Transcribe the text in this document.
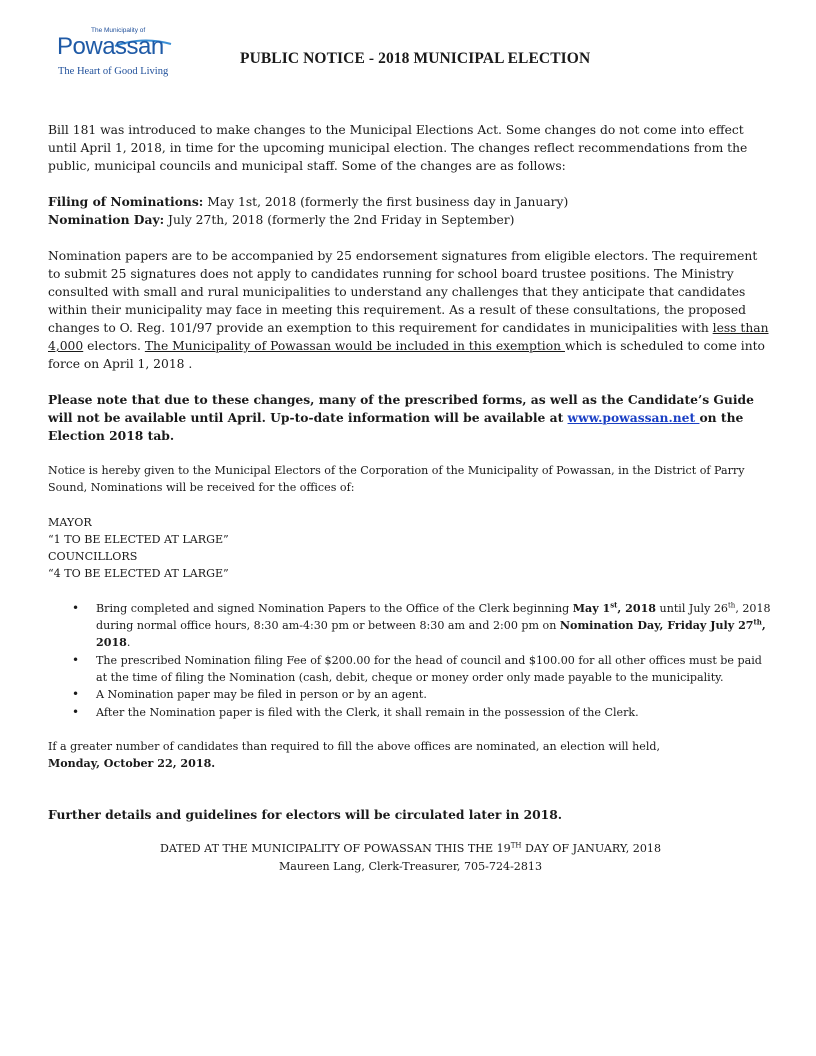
The Municipality of
Powassan
The Heart of Good Living
PUBLIC NOTICE - 2018 MUNICIPAL ELECTION

Bill 181 was introduced to make changes to the Municipal Elections Act. Some changes do not come into effect until April 1, 2018, in time for the upcoming municipal election. The changes reflect recommendations from the public, municipal councils and municipal staff. Some of the changes are as follows:

Filing of Nominations: May 1st, 2018 (formerly the first business day in January)

Nomination Day: July 27th, 2018 (formerly the 2nd Friday in September)

Nomination papers are to be accompanied by 25 endorsement signatures from eligible electors. The requirement to submit 25 signatures does not apply to candidates running for school board trustee positions. The Ministry consulted with small and rural municipalities to understand any challenges that they anticipate that candidates within their municipality may face in meeting this requirement. As a result of these consultations, the proposed changes to O. Reg. 101/97 provide an exemption to this requirement for candidates in municipalities with less than 4,000 electors. The Municipality of Powassan would be included in this exemption which is scheduled to come into force on April 1, 2018 .

Please note that due to these changes, many of the prescribed forms, as well as the Candidate’s Guide will not be available until April. Up-to-date information will be available at www.powassan.net on the Election 2018 tab.

Notice is hereby given to the Municipal Electors of the Corporation of the Municipality of Powassan, in the District of Parry Sound, Nominations will be received for the offices of:

MAYOR

“1 TO BE ELECTED AT LARGE”

COUNCILLORS

“4 TO BE ELECTED AT LARGE”

• Bring completed and signed Nomination Papers to the Office of the Clerk beginning May 1st, 2018 until July 26th, 2018 during normal office hours, 8:30 am-4:30 pm or between 8:30 am and 2:00 pm on Nomination Day, Friday July 27th, 2018.
• The prescribed Nomination filing Fee of $200.00 for the head of council and $100.00 for all other offices must be paid at the time of filing the Nomination (cash, debit, cheque or money order only made payable to the municipality.
• A Nomination paper may be filed in person or by an agent.
• After the Nomination paper is filed with the Clerk, it shall remain in the possession of the Clerk.

If a greater number of candidates than required to fill the above offices are nominated, an election will held,

Monday, October 22, 2018.

Further details and guidelines for electors will be circulated later in 2018.

DATED AT THE MUNICIPALITY OF POWASSAN THIS THE 19TH DAY OF JANUARY, 2018

Maureen Lang, Clerk-Treasurer, 705-724-2813
